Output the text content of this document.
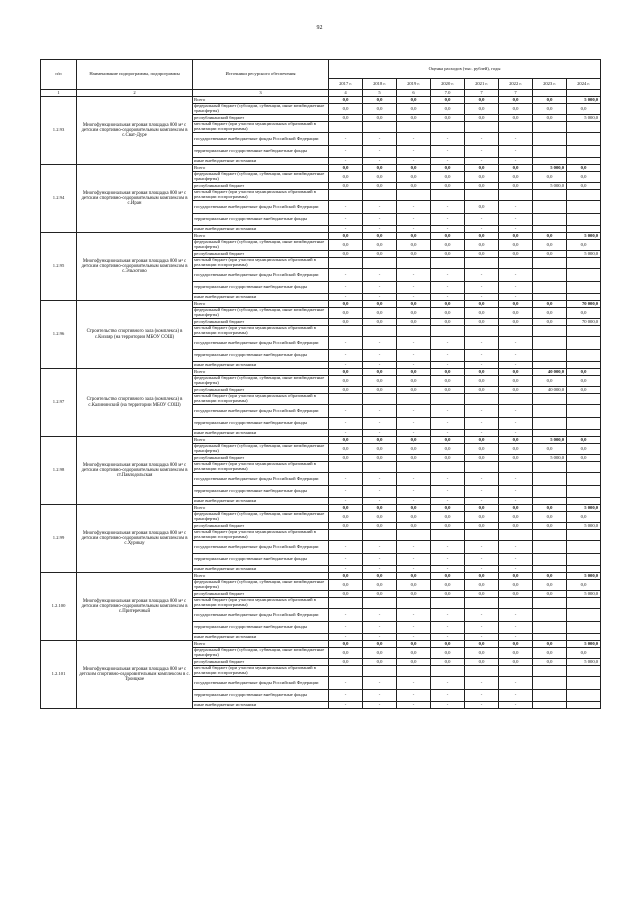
92
п/п	Наименование подпрограммы, подпрограммы	Источники ресурсного обеспечения	Оценка расходов (тыс. рублей), годы							
			2017 г.	2018 г.	2019 г.	2020 г.	2021 г.	2022 г.	2023 г.	2024 г.
1	2	3	4	5	6	7.0	7	7		
1.2.93	Многофункциональная игровая площадка 800 м² с детским спортивно-оздоровительным комплексом в с.Сват-Дуре	Всего	0,0	0,0	0,0	0,0	0,0	0,0	0,0	5 000,0
		федеральный бюджет (субсидии, субвенции, иные межбюджетные трансферты)	0,0	0,0	0,0	0,0	0,0	0,0	0,0	0,0
		республиканский бюджет	0,0	0,0	0,0	0,0	0,0	0,0	0,0	5 000,0
		местный бюджет (при участии муниципальных образований в реализации госпрограммы)								
		государственные внебюджетные фонды Российской Федерации	-	-	-	-	-	-		
		территориальные государственные внебюджетные фонды	-	-	-	-	-	-		
		иные внебюджетные источники	-	-	-	-	-	-		
1.2.94	Многофункциональная игровая площадка 800 м² с детским спортивно-оздоровительным комплексом в с.Иран	Всего	0,0	0,0	0,0	0,0	0,0	0,0	5 000,0	0,0
		федеральный бюджет (субсидии, субвенции, иные межбюджетные трансферты)	0,0	0,0	0,0	0,0	0,0	0,0	0,0	0,0
		республиканский бюджет	0,0	0,0	0,0	0,0	0,0	0,0	5 000,0	0,0
		местный бюджет (при участии муниципальных образований в реализации госпрограммы)								
		государственные внебюджетные фонды Российской Федерации	-	-	-	-	0,0	-		
		территориальные государственные внебюджетные фонды	-	-	-	-	-	-		
		иные внебюджетные источники	-	-	-	-	-	-		
1.2.95	Многофункциональная игровая площадка 800 м² с детским спортивно-оздоровительным комплексом в с.Эльхотово	Всего	0,0	0,0	0,0	0,0	0,0	0,0	0,0	5 000,0
		федеральный бюджет (субсидии, субвенции, иные межбюджетные трансферты)	0,0	0,0	0,0	0,0	0,0	0,0	0,0	0,0
		республиканский бюджет	0,0	0,0	0,0	0,0	0,0	0,0	0,0	5 000,0
		местный бюджет (при участии муниципальных образований в реализации госпрограммы)								
		государственные внебюджетные фонды Российской Федерации	-	-	-	-	-	-		
		территориальные государственные внебюджетные фонды	-	-	-	-	-	-		
		иные внебюджетные источники	-	-	-	-	-	-		
1.2.96	Строительство спортивного зала (комплекса) в с.Кизляр (на территории МБОУ СОШ)	Всего	0,0	0,0	0,0	0,0	0,0	0,0	0,0	70 000,0
		федеральный бюджет (субсидии, субвенции, иные межбюджетные трансферты)	0,0	0,0	0,0	0,0	0,0	0,0	0,0	0,0
		республиканский бюджет	0,0	0,0	0,0	0,0	0,0	0,0	0,0	70 000,0
		местный бюджет (при участии муниципальных образований в реализации госпрограммы)								
		государственные внебюджетные фонды Российской Федерации	-	-	-	-	-	-		
		территориальные государственные внебюджетные фонды	-	-	-	-	-	-		
		иные внебюджетные источники	-	-	-	-	-	-		
1.2.97	Строительство спортивного зала (комплекса) в с.Калининский (на территории МБОУ СОШ)	Всего	0,0	0,0	0,0	0,0	0,0	0,0	40 000,0	0,0
		федеральный бюджет (субсидии, субвенции, иные межбюджетные трансферты)	0,0	0,0	0,0	0,0	0,0	0,0	0,0	0,0
		республиканский бюджет	0,0	0,0	0,0	0,0	0,0	0,0	40 000,0	0,0
		местный бюджет (при участии муниципальных образований в реализации госпрограммы)								
		государственные внебюджетные фонды Российской Федерации	-	-	-	-	-	-		
		территориальные государственные внебюджетные фонды	-	-	-	-	-	-		
		иные внебюджетные источники	-	-	-	-	-	-		
1.2.98	Многофункциональная игровая площадка 800 м² с детским спортивно-оздоровительным комплексом в ст.Павлодольская	Всего	0,0	0,0	0,0	0,0	0,0	0,0	5 000,0	0,0
		федеральный бюджет (субсидии, субвенции, иные межбюджетные трансферты)	0,0	0,0	0,0	0,0	0,0	0,0	0,0	0,0
		республиканский бюджет	0,0	0,0	0,0	0,0	0,0	0,0	5 000,0	0,0
		местный бюджет (при участии муниципальных образований в реализации госпрограммы)								
		государственные внебюджетные фонды Российской Федерации	-	-	-	-	-	-		
		территориальные государственные внебюджетные фонды	-	-	-	-	-	-		
		иные внебюджетные источники	-	-	-	-	-	-		
1.2.99	Многофункциональная игровая площадка 800 м² с детским спортивно-оздоровительным комплексом в с.Хурикау	Всего	0,0	0,0	0,0	0,0	0,0	0,0	0,0	5 000,0
		федеральный бюджет (субсидии, субвенции, иные межбюджетные трансферты)	0,0	0,0	0,0	0,0	0,0	0,0	0,0	0,0
		республиканский бюджет	0,0	0,0	0,0	0,0	0,0	0,0	0,0	5 000,0
		местный бюджет (при участии муниципальных образований в реализации госпрограммы)								
		государственные внебюджетные фонды Российской Федерации	-	-	-	-	-	-		
		территориальные государственные внебюджетные фонды	-	-	-	-	-	-		
		иные внебюджетные источники	-	-	-	-	-	-		
1.2.100	Многофункциональная игровая площадка 800 м² с детским спортивно-оздоровительным комплексом в с.Притеречный	Всего	0,0	0,0	0,0	0,0	0,0	0,0	0,0	5 000,0
		федеральный бюджет (субсидии, субвенции, иные межбюджетные трансферты)	0,0	0,0	0,0	0,0	0,0	0,0	0,0	0,0
		республиканский бюджет	0,0	0,0	0,0	0,0	0,0	0,0	0,0	5 000,0
		местный бюджет (при участии муниципальных образований в реализации госпрограммы)								
		государственные внебюджетные фонды Российской Федерации	-	-	-	-	-	-		
		территориальные государственные внебюджетные фонды	-	-	-	-	-	-		
		иные внебюджетные источники	-	-	-	-	-	-		
1.2.101	Многофункциональная игровая площадка 800 м² с детским спортивно-оздоровительным комплексом в с. Троицкое	Всего	0,0	0,0	0,0	0,0	0,0	0,0	0,0	5 000,0
		федеральный бюджет (субсидии, субвенции, иные межбюджетные трансферты)	0,0	0,0	0,0	0,0	0,0	0,0	0,0	0,0
		республиканский бюджет	0,0	0,0	0,0	0,0	0,0	0,0	0,0	5 000,0
		местный бюджет (при участии муниципальных образований в реализации госпрограммы)								
		государственные внебюджетные фонды Российской Федерации	-	-	-	-	-	-		
		территориальные государственные внебюджетные фонды	-	-	-	-	-	-		
		иные внебюджетные источники	-	-	-	-	-	-		
